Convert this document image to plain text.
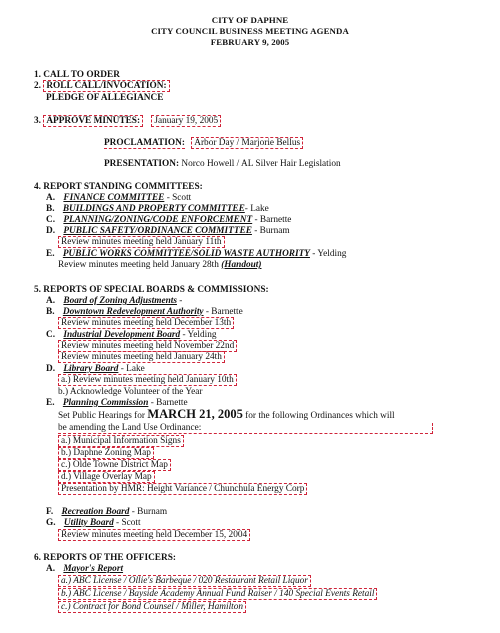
CITY OF DAPHNE
CITY COUNCIL BUSINESS MEETING AGENDA
FEBRUARY 9, 2005
1. CALL TO ORDER
2. ROLL CALL/INVOCATION:
PLEDGE OF ALLEGIANCE
3. APPROVE MINUTES: January 19, 2005
PROCLAMATION: Arbor Day / Marjorie Bellus
PRESENTATION: Norco Howell / AL Silver Hair Legislation
4. REPORT STANDING COMMITTEES:
A. FINANCE COMMITTEE - Scott
B. BUILDINGS AND PROPERTY COMMITTEE- Lake
C. PLANNING/ZONING/CODE ENFORCEMENT - Barnette
D. PUBLIC SAFETY/ORDINANCE COMMITTEE - Burnam
Review minutes meeting held January 11th
E. PUBLIC WORKS COMMITTEE/SOLID WASTE AUTHORITY - Yelding
Review minutes meeting held January 28th (Handout)
5. REPORTS OF SPECIAL BOARDS & COMMISSIONS:
A. Board of Zoning Adjustments -
B. Downtown Redevelopment Authority - Barnette
Review minutes meeting held December 13th
C. Industrial Development Board - Yelding
Review minutes meeting held November 22nd
Review minutes meeting held January 24th
D. Library Board - Lake
a.) Review minutes meeting held January 10th
b.) Acknowledge Volunteer of the Year
E. Planning Commission - Barnette
Set Public Hearings for MARCH 21, 2005 for the following Ordinances which will
be amending the Land Use Ordinance:
a.) Municipal Information Signs
b.) Daphne Zoning Map
c.) Olde Towne District Map
d.) Village Overlay Map
Presentation by HMR: Height Variance / Chunchula Energy Corp
F. Recreation Board - Burnam
G. Utility Board - Scott
Review minutes meeting held December 15, 2004
6. REPORTS OF THE OFFICERS:
A. Mayor's Report
a.) ABC License / Ollie's Barbeque / 020 Restaurant Retail Liquor
b.) ABC License / Bayside Academy Annual Fund Raiser / 140 Special Events Retail
c.) Contract for Bond Counsel / Miller, Hamilton
